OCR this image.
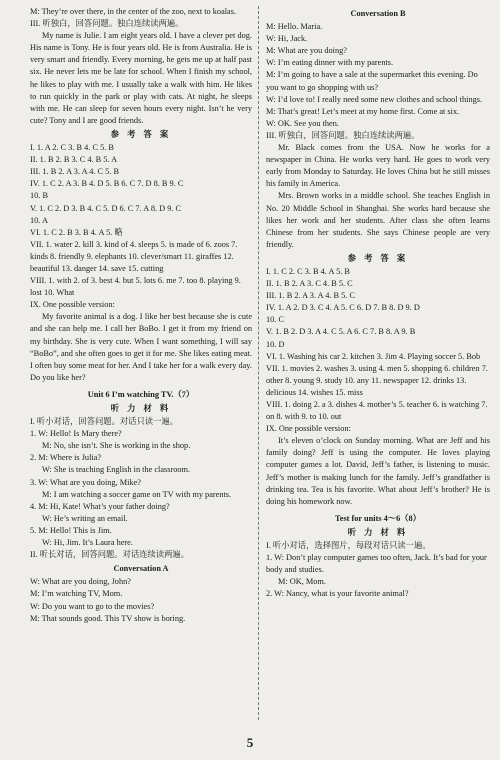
M: They’re over there, in the center of the zoo, next to koalas.

III. 听独白，回答问题。独白连续读两遍。

My name is Julie. I am eight years old. I have a clever pet dog. His name is Tony. He is four years old. He is from Australia. He is very smart and friendly. Every morning, he gets me up at half past six. He never lets me be late for school. When I finish my school, he likes to play with me. I usually take a walk with him. He likes to run quickly in the park or play with cats. At night, he sleeps with me. He can sleep for seven hours every night. Isn’t he very cute? Tony and I are good friends.

参 考 答 案

I. 1. A 2. C 3. B 4. C 5. B

II. 1. B 2. B 3. C 4. B 5. A

III. 1. B 2. A 3. A 4. C 5. B

IV. 1. C 2. A 3. B 4. D 5. B 6. C 7. D 8. B 9. C

10. B

V. 1. C 2. D 3. B 4. C 5. D 6. C 7. A 8. D 9. C

10. A

VI. 1. C 2. B 3. B 4. A 5. 略

VII. 1. water 2. kill 3. kind of 4. sleeps 5. is made of 6. zoos 7. kinds 8. friendly 9. elephants 10. clever/smart 11. giraffes 12. beautiful 13. danger 14. save 15. cutting

VIII. 1. with 2. of 3. best 4. but 5. lots 6. me 7. too 8. playing 9. lost 10. What

IX. One possible version:

My favorite animal is a dog. I like her best because she is cute and she can help me. I call her BoBo. I get it from my friend on my birthday. She is very cute. When I want something, I will say “BoBo”, and she often goes to get it for me. She likes eating meat. I often buy some meat for her. And I take her for a walk every day. Do you like her?

Unit 6 I’m watching TV.（7）

听 力 材 料

I. 听小对话，回答问题。对话只读一遍。

1. W: Hello! Is Mary there?

M: No, she isn’t. She is working in the shop.

2. M: Where is Julia?

W: She is teaching English in the classroom.

3. W: What are you doing, Mike?

M: I am watching a soccer game on TV with my parents.

4. M: Hi, Kate! What’s your father doing?

W: He’s writing an email.

5. M: Hello! This is Jim.

W: Hi, Jim. It’s Laura here.

II. 听长对话，回答问题。对话连续读两遍。

Conversation A

W: What are you doing, John?

M: I’m watching TV, Mom.

W: Do you want to go to the movies?

M: That sounds good. This TV show is boring.

Conversation B

M: Hello. Maria.

W: Hi, Jack.

M: What are you doing?

W: I’m eating dinner with my parents.

M: I’m going to have a sale at the supermarket this evening. Do you want to go shopping with us?

W: I’d love to! I really need some new clothes and school things.

M: That’s great! Let’s meet at my home first. Come at six.

W: OK. See you then.

III. 听独白，回答问题。独白连续读两遍。

Mr. Black comes from the USA. Now he works for a newspaper in China. He works very hard. He goes to work very early from Monday to Saturday. He loves China but he still misses his family in America.

Mrs. Brown works in a middle school. She teaches English in No. 20 Middle School in Shanghai. She works hard because she likes her work and her students. After class she often learns Chinese from her students. She says Chinese people are very friendly.

参 考 答 案

I. 1. C 2. C 3. B 4. A 5. B

II. 1. B 2. A 3. C 4. B 5. C

III. 1. B 2. A 3. A 4. B 5. C

IV. 1. A 2. D 3. C 4. A 5. C 6. D 7. B 8. D 9. D

10. C

V. 1. B 2. D 3. A 4. C 5. A 6. C 7. B 8. A 9. B

10. D

VI. 1. Washing his car 2. kitchen 3. Jim 4. Playing soccer 5. Bob

VII. 1. movies 2. washes 3. using 4. men 5. shopping 6. children 7. other 8. young 9. study 10. any 11. newspaper 12. drinks 13. delicious 14. wishes 15. miss

VIII. 1. doing 2. a 3. dishes 4. mother’s 5. teacher 6. is watching 7. on 8. with 9. to 10. out

IX. One possible version:

It’s eleven o’clock on Sunday morning. What are Jeff and his family doing? Jeff is using the computer. He loves playing computer games a lot. David, Jeff’s father, is listening to music. Jeff’s mother is making lunch for the family. Jeff’s grandfather is drinking tea. Tea is his favorite. What about Jeff’s brother? He is doing his homework now.

Test for units 4～6（8）

听 力 材 料

I. 听小对话，选择图片，每段对话只读一遍。

1. W: Don’t play computer games too often, Jack. It’s bad for your body and studies.

M: OK, Mom.

2. W: Nancy, what is your favorite animal?

5
